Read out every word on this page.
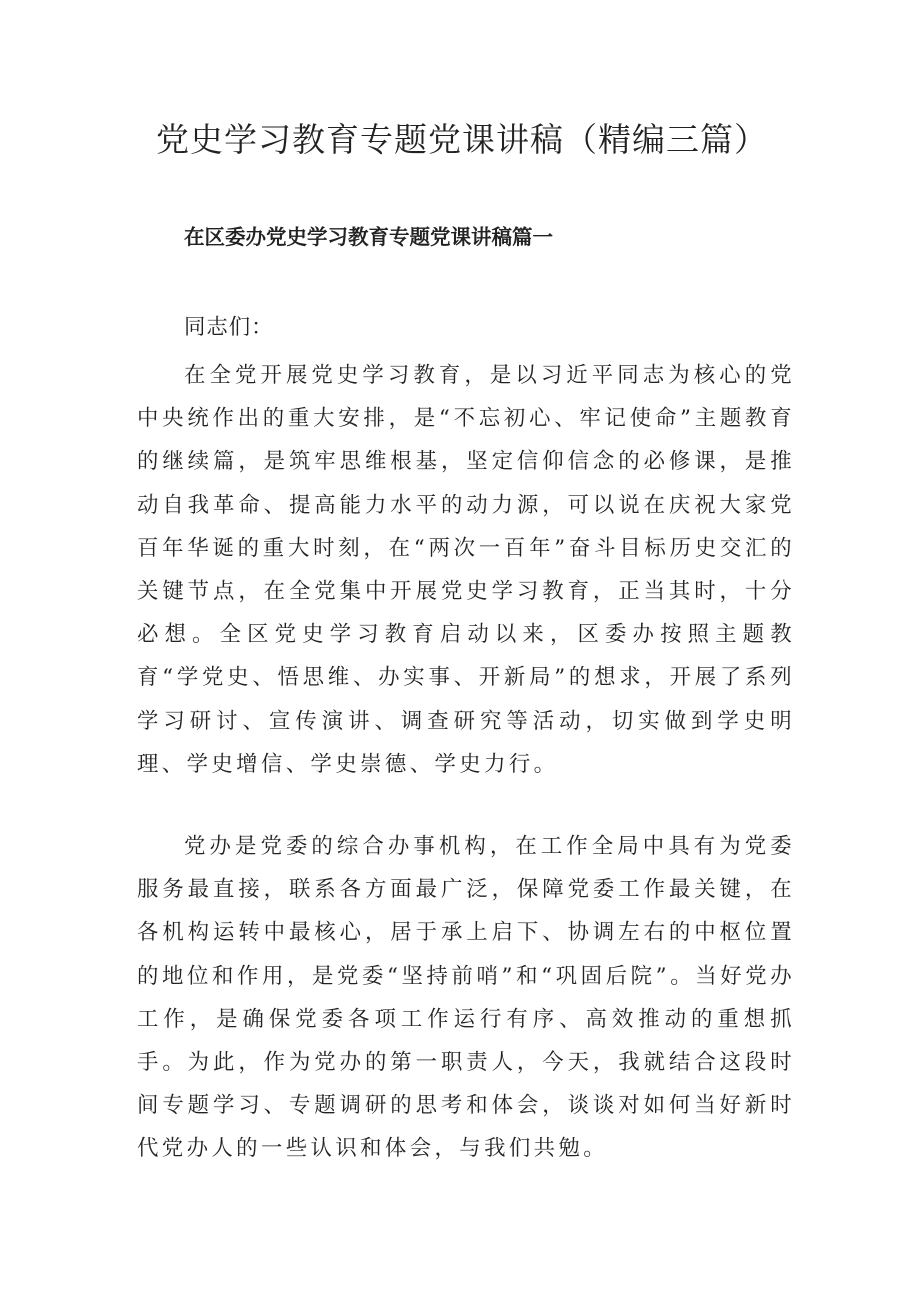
党史学习教育专题党课讲稿（精编三篇）
在区委办党史学习教育专题党课讲稿篇一

同志们：

在全党开展党史学习教育，是以习近平同志为核心的党中央统作出的重大安排，是“不忘初心、牢记使命”主题教育的继续篇，是筑牢思维根基，坚定信仰信念的必修课，是推动自我革命、提高能力水平的动力源，可以说在庆祝大家党百年华诞的重大时刻，在“两次一百年”奋斗目标历史交汇的关键节点，在全党集中开展党史学习教育，正当其时，十分必想。全区党史学习教育启动以来，区委办按照主题教育“学党史、悟思维、办实事、开新局”的想求，开展了系列学习研讨、宣传演讲、调查研究等活动，切实做到学史明理、学史增信、学史崇德、学史力行。

党办是党委的综合办事机构，在工作全局中具有为党委服务最直接，联系各方面最广泛，保障党委工作最关键，在各机构运转中最核心，居于承上启下、协调左右的中枢位置的地位和作用，是党委“坚持前哨”和“巩固后院”。当好党办工作，是确保党委各项工作运行有序、高效推动的重想抓手。为此，作为党办的第一职责人，今天，我就结合这段时间专题学习、专题调研的思考和体会，谈谈对如何当好新时代党办人的一些认识和体会，与我们共勉。
